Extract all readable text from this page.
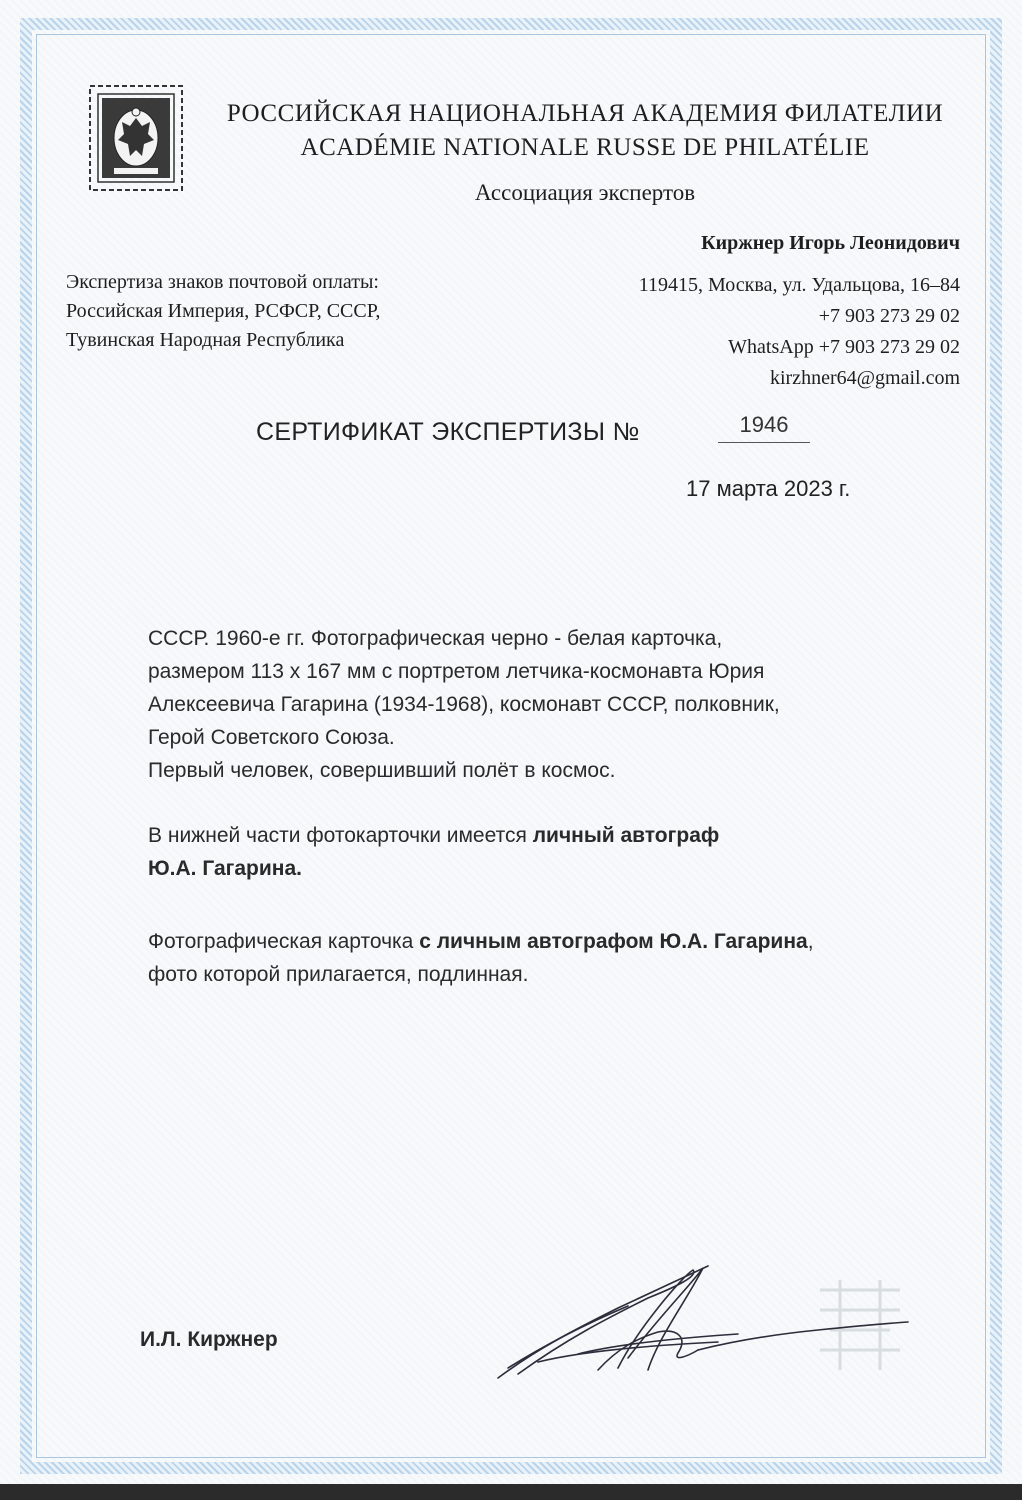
РОССИЙСКАЯ НАЦИОНАЛЬНАЯ АКАДЕМИЯ ФИЛАТЕЛИИ
ACADÉMIE NATIONALE RUSSE DE PHILATÉLIE
Ассоциация экспертов
Киржнер Игорь Леонидович
119415, Москва, ул. Удальцова, 16–84
+7 903 273 29 02
WhatsApp +7 903 273 29 02
kirzhner64@gmail.com
Экспертиза знаков почтовой оплаты:
Российская Империя, РСФСР, СССР,
Тувинская Народная Республика
СЕРТИФИКАТ ЭКСПЕРТИЗЫ №	1946
17 марта 2023 г.

СССР. 1960-е гг. Фотографическая черно - белая карточка,

размером 113 х 167 мм с портретом летчика-космонавта Юрия

Алексеевича Гагарина (1934-1968), космонавт СССР, полковник,

Герой Советского Союза.

Первый человек, совершивший полёт в космос.

В нижней части фотокарточки имеется личный автограф

Ю.А. Гагарина.

Фотографическая карточка с личным автографом Ю.А. Гагарина,

фото которой прилагается, подлинная.

И.Л. Киржнер
